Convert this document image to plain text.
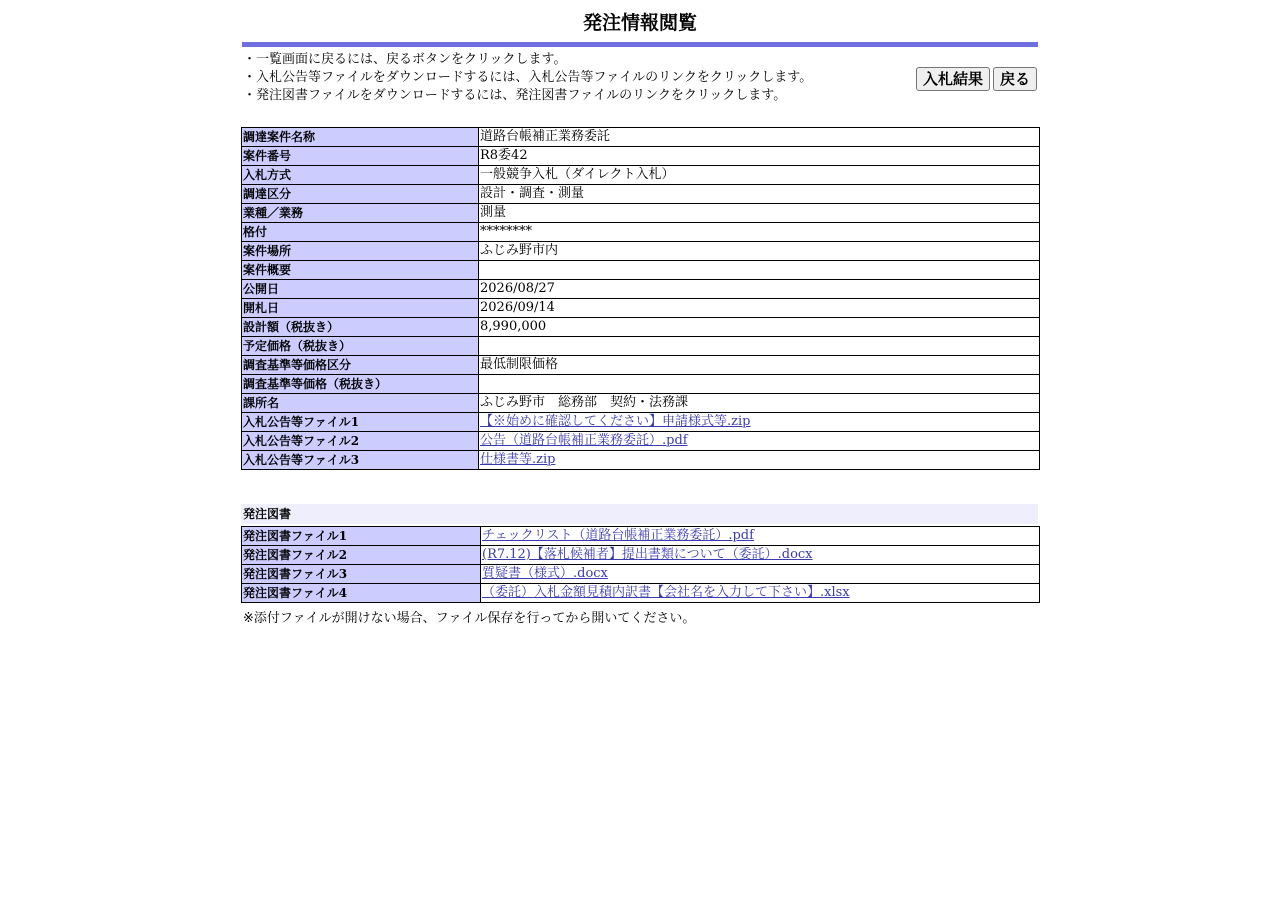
発注情報閲覧
・一覧画面に戻るには、戻るボタンをクリックします。
・入札公告等ファイルをダウンロードするには、入札公告等ファイルのリンクをクリックします。
・発注図書ファイルをダウンロードするには、発注図書ファイルのリンクをクリックします。
入札結果	戻る
調達案件名称	道路台帳補正業務委託
案件番号	R8委42
入札方式	一般競争入札（ダイレクト入札）
調達区分	設計・調査・測量
業種／業務	測量
格付	********
案件場所	ふじみ野市内
案件概要	
公開日	2026/08/27
開札日	2026/09/14
設計額（税抜き）	8,990,000
予定価格（税抜き）	
調査基準等価格区分	最低制限価格
調査基準等価格（税抜き）	
課所名	ふじみ野市　総務部　契約・法務課
入札公告等ファイル1	【※始めに確認してください】申請様式等.zip
入札公告等ファイル2	公告（道路台帳補正業務委託）.pdf
入札公告等ファイル3	仕様書等.zip
発注図書
発注図書ファイル1	チェックリスト（道路台帳補正業務委託）.pdf
発注図書ファイル2	(R7.12)【落札候補者】提出書類について（委託）.docx
発注図書ファイル3	質疑書（様式）.docx
発注図書ファイル4	（委託）入札金額見積内訳書【会社名を入力して下さい】.xlsx
※添付ファイルが開けない場合、ファイル保存を行ってから開いてください。
